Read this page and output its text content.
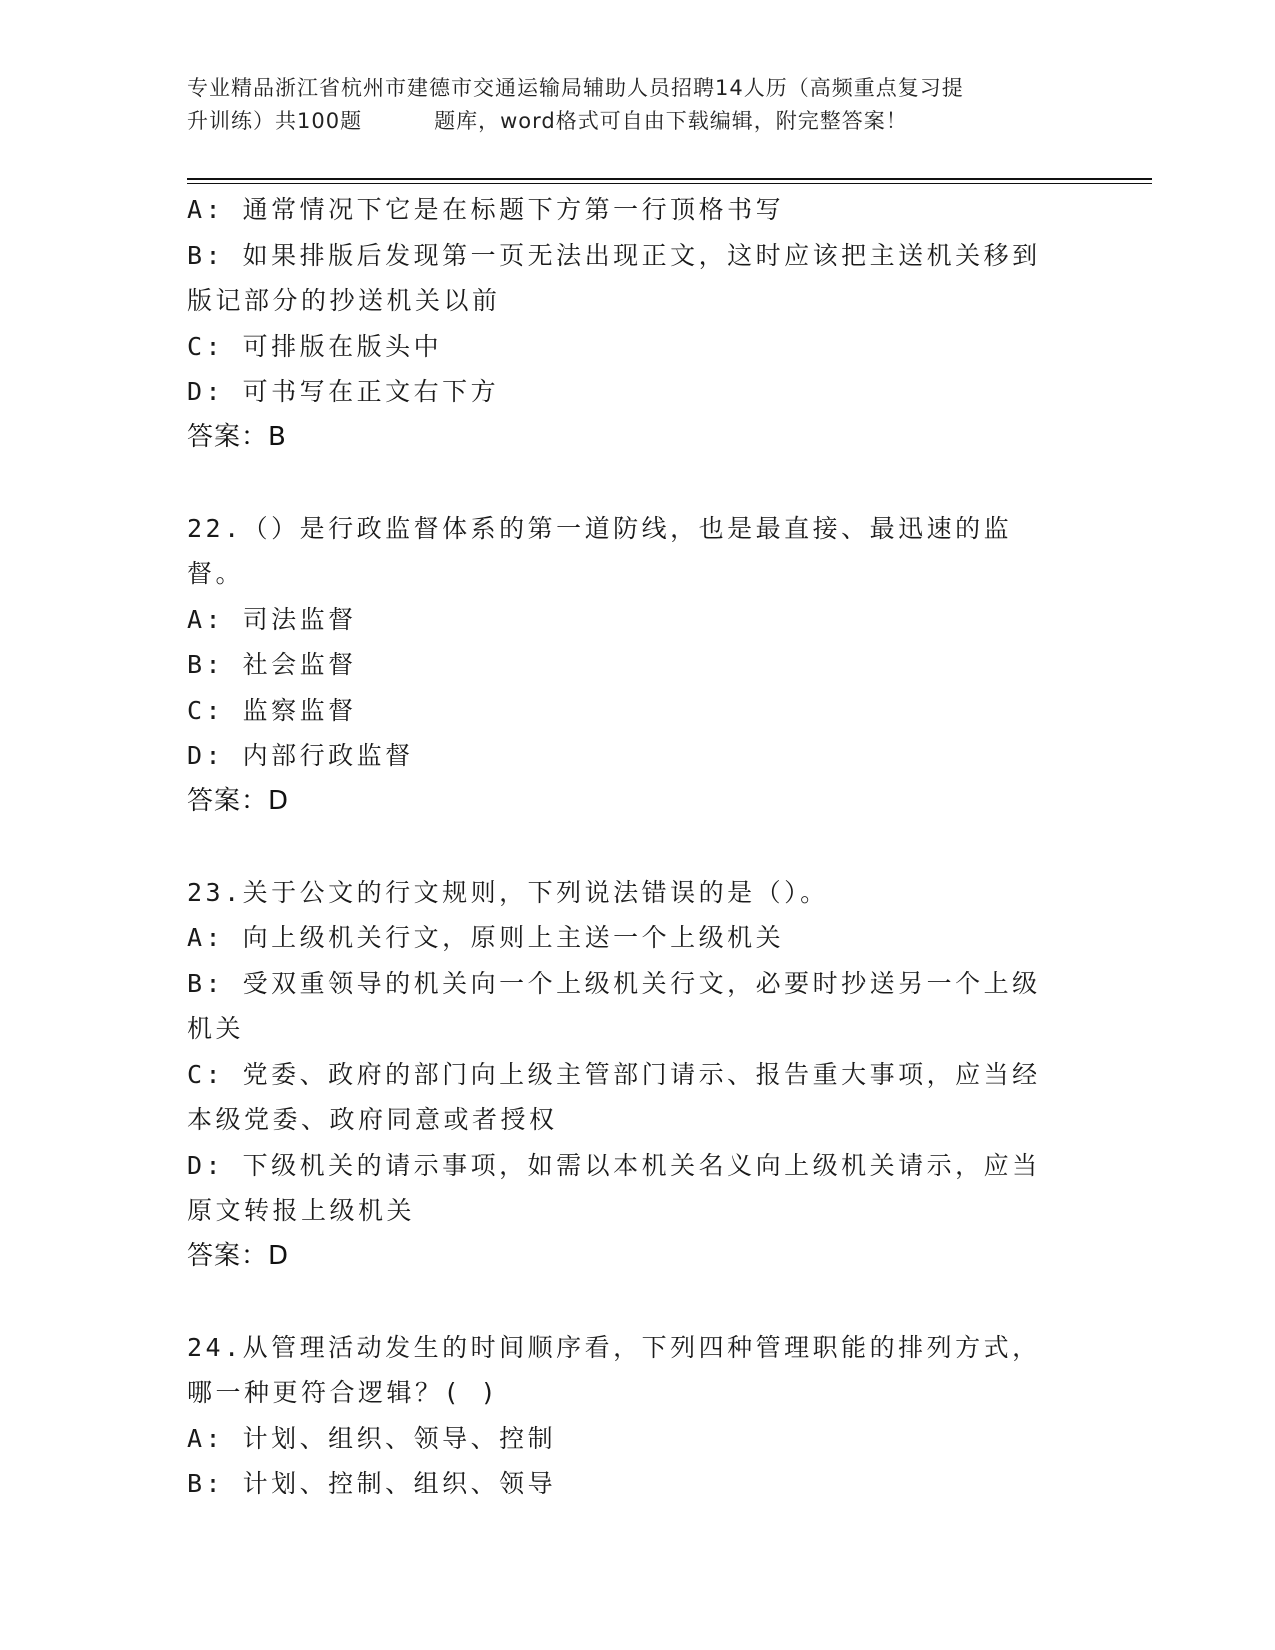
专业精品浙江省杭州市建德市交通运输局辅助人员招聘14人历（高频重点复习提
升训练）共100题	题库，word格式可自由下载编辑，附完整答案！
A: 通常情况下它是在标题下方第一行顶格书写
B: 如果排版后发现第一页无法出现正文，这时应该把主送机关移到版记部分的抄送机关以前
C: 可排版在版头中
D: 可书写在正文右下方
答案：B
22.（）是行政监督体系的第一道防线，也是最直接、最迅速的监督。
A: 司法监督
B: 社会监督
C: 监察监督
D: 内部行政监督
答案：D
23.关于公文的行文规则，下列说法错误的是（）。
A: 向上级机关行文，原则上主送一个上级机关
B: 受双重领导的机关向一个上级机关行文，必要时抄送另一个上级机关
C: 党委、政府的部门向上级主管部门请示、报告重大事项，应当经本级党委、政府同意或者授权
D: 下级机关的请示事项，如需以本机关名义向上级机关请示，应当原文转报上级机关
答案：D
24.从管理活动发生的时间顺序看，下列四种管理职能的排列方式，哪一种更符合逻辑？( )
A: 计划、组织、领导、控制
B: 计划、控制、组织、领导
